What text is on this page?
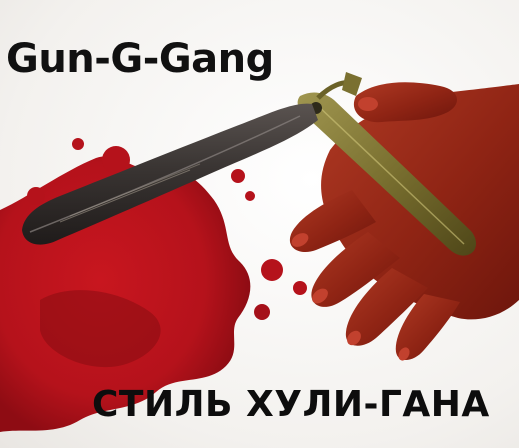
Gun-G-Gang
СТИЛЬ ХУЛИ-ГАНА
